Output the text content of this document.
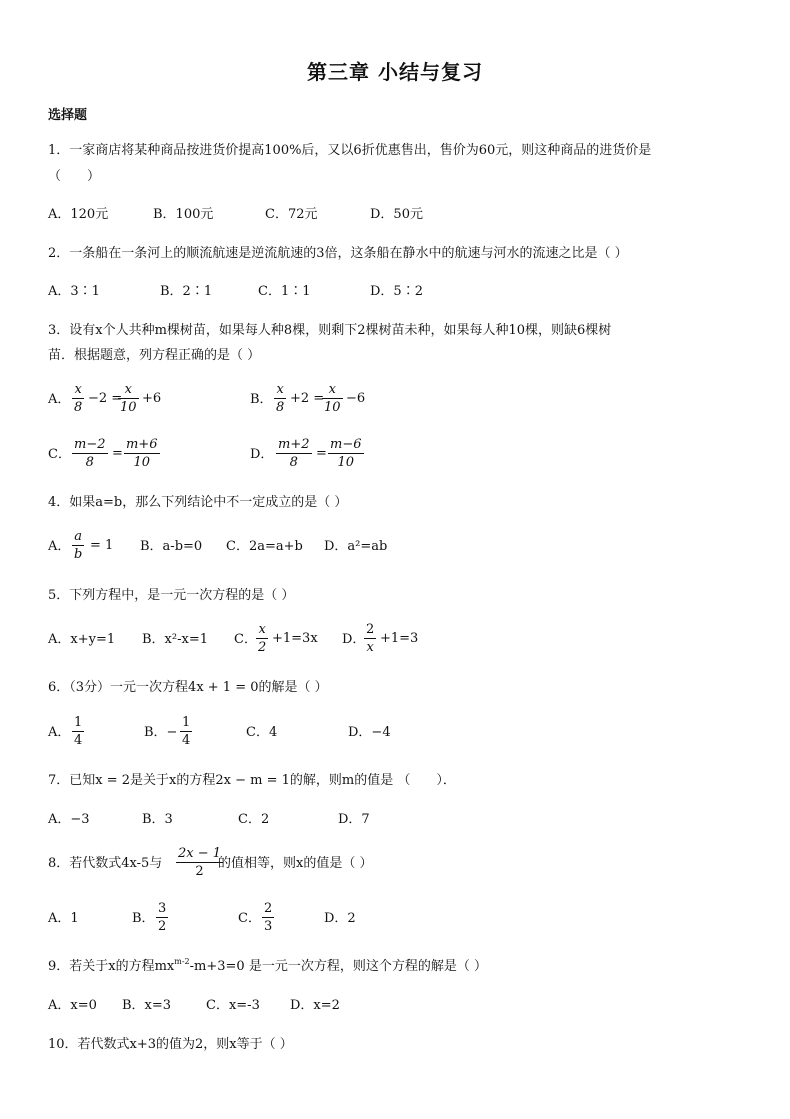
第三章 小结与复习
选择题
1．一家商店将某种商品按进货价提高100%后，又以6折优惠售出，售价为60元，则这种商品的进货价是
（　　）
A．120元	B．100元	C．72元	D．50元
2．一条船在一条河上的顺流航速是逆流航速的3倍，这条船在静水中的航速与河水的流速之比是（ ）
A．3∶1	B．2∶1	C．1∶1	D．5∶2
3．设有x个人共种m棵树苗，如果每人种8棵，则剩下2棵树苗未种，如果每人种10棵，则缺6棵树
苗．根据题意，列方程正确的是（ ）
A． $\frac{x}{8} -2$ =
$\frac{x}{10} +6$	B． $\frac{x}{8} +2$ =
$\frac{x}{10} -6$
C． $\frac{m-2}{8} = \frac{m+6}{10}$	D． $\frac{m+2}{8} = \frac{m-6}{10}$
4．如果a=b，那么下列结论中不一定成立的是（ ）
A． $\frac{a}{b} = 1$ B．a-b=0 C．2a=a+b D．a²=ab
5．下列方程中，是一元一次方程的是（ ）
A．x+y=1 B．x²-x=1 C． $\frac{x}{2} +1=3x$ D．
$\frac{2}{x} +1=3$
6．（3分）一元一次方程4x + 1 = 0的解是（ ）
A． $\frac{1}{4}$	B．− $\frac{1}{4}$	C．4	D．−4
7．已知x = 2是关于x的方程2x − m = 1的解，则m的值是 （　　）．
A．−3	B．3	C．2	D．7
8．若代数式4x-5与 $\frac{2x - 1}{2}$
的值相等，则x的值是（ ）
A．1	B． $\frac{3}{2}$	C． $\frac{2}{3}$	D．2
9．若关于x的方程$mx^{m-2}-m+3=0$ 是一元一次方程，则这个方程的解是（ ）
A．x=0 B．x=3	C．x=-3 D．x=2
10．若代数式x+3的值为2，则x等于（ ）
